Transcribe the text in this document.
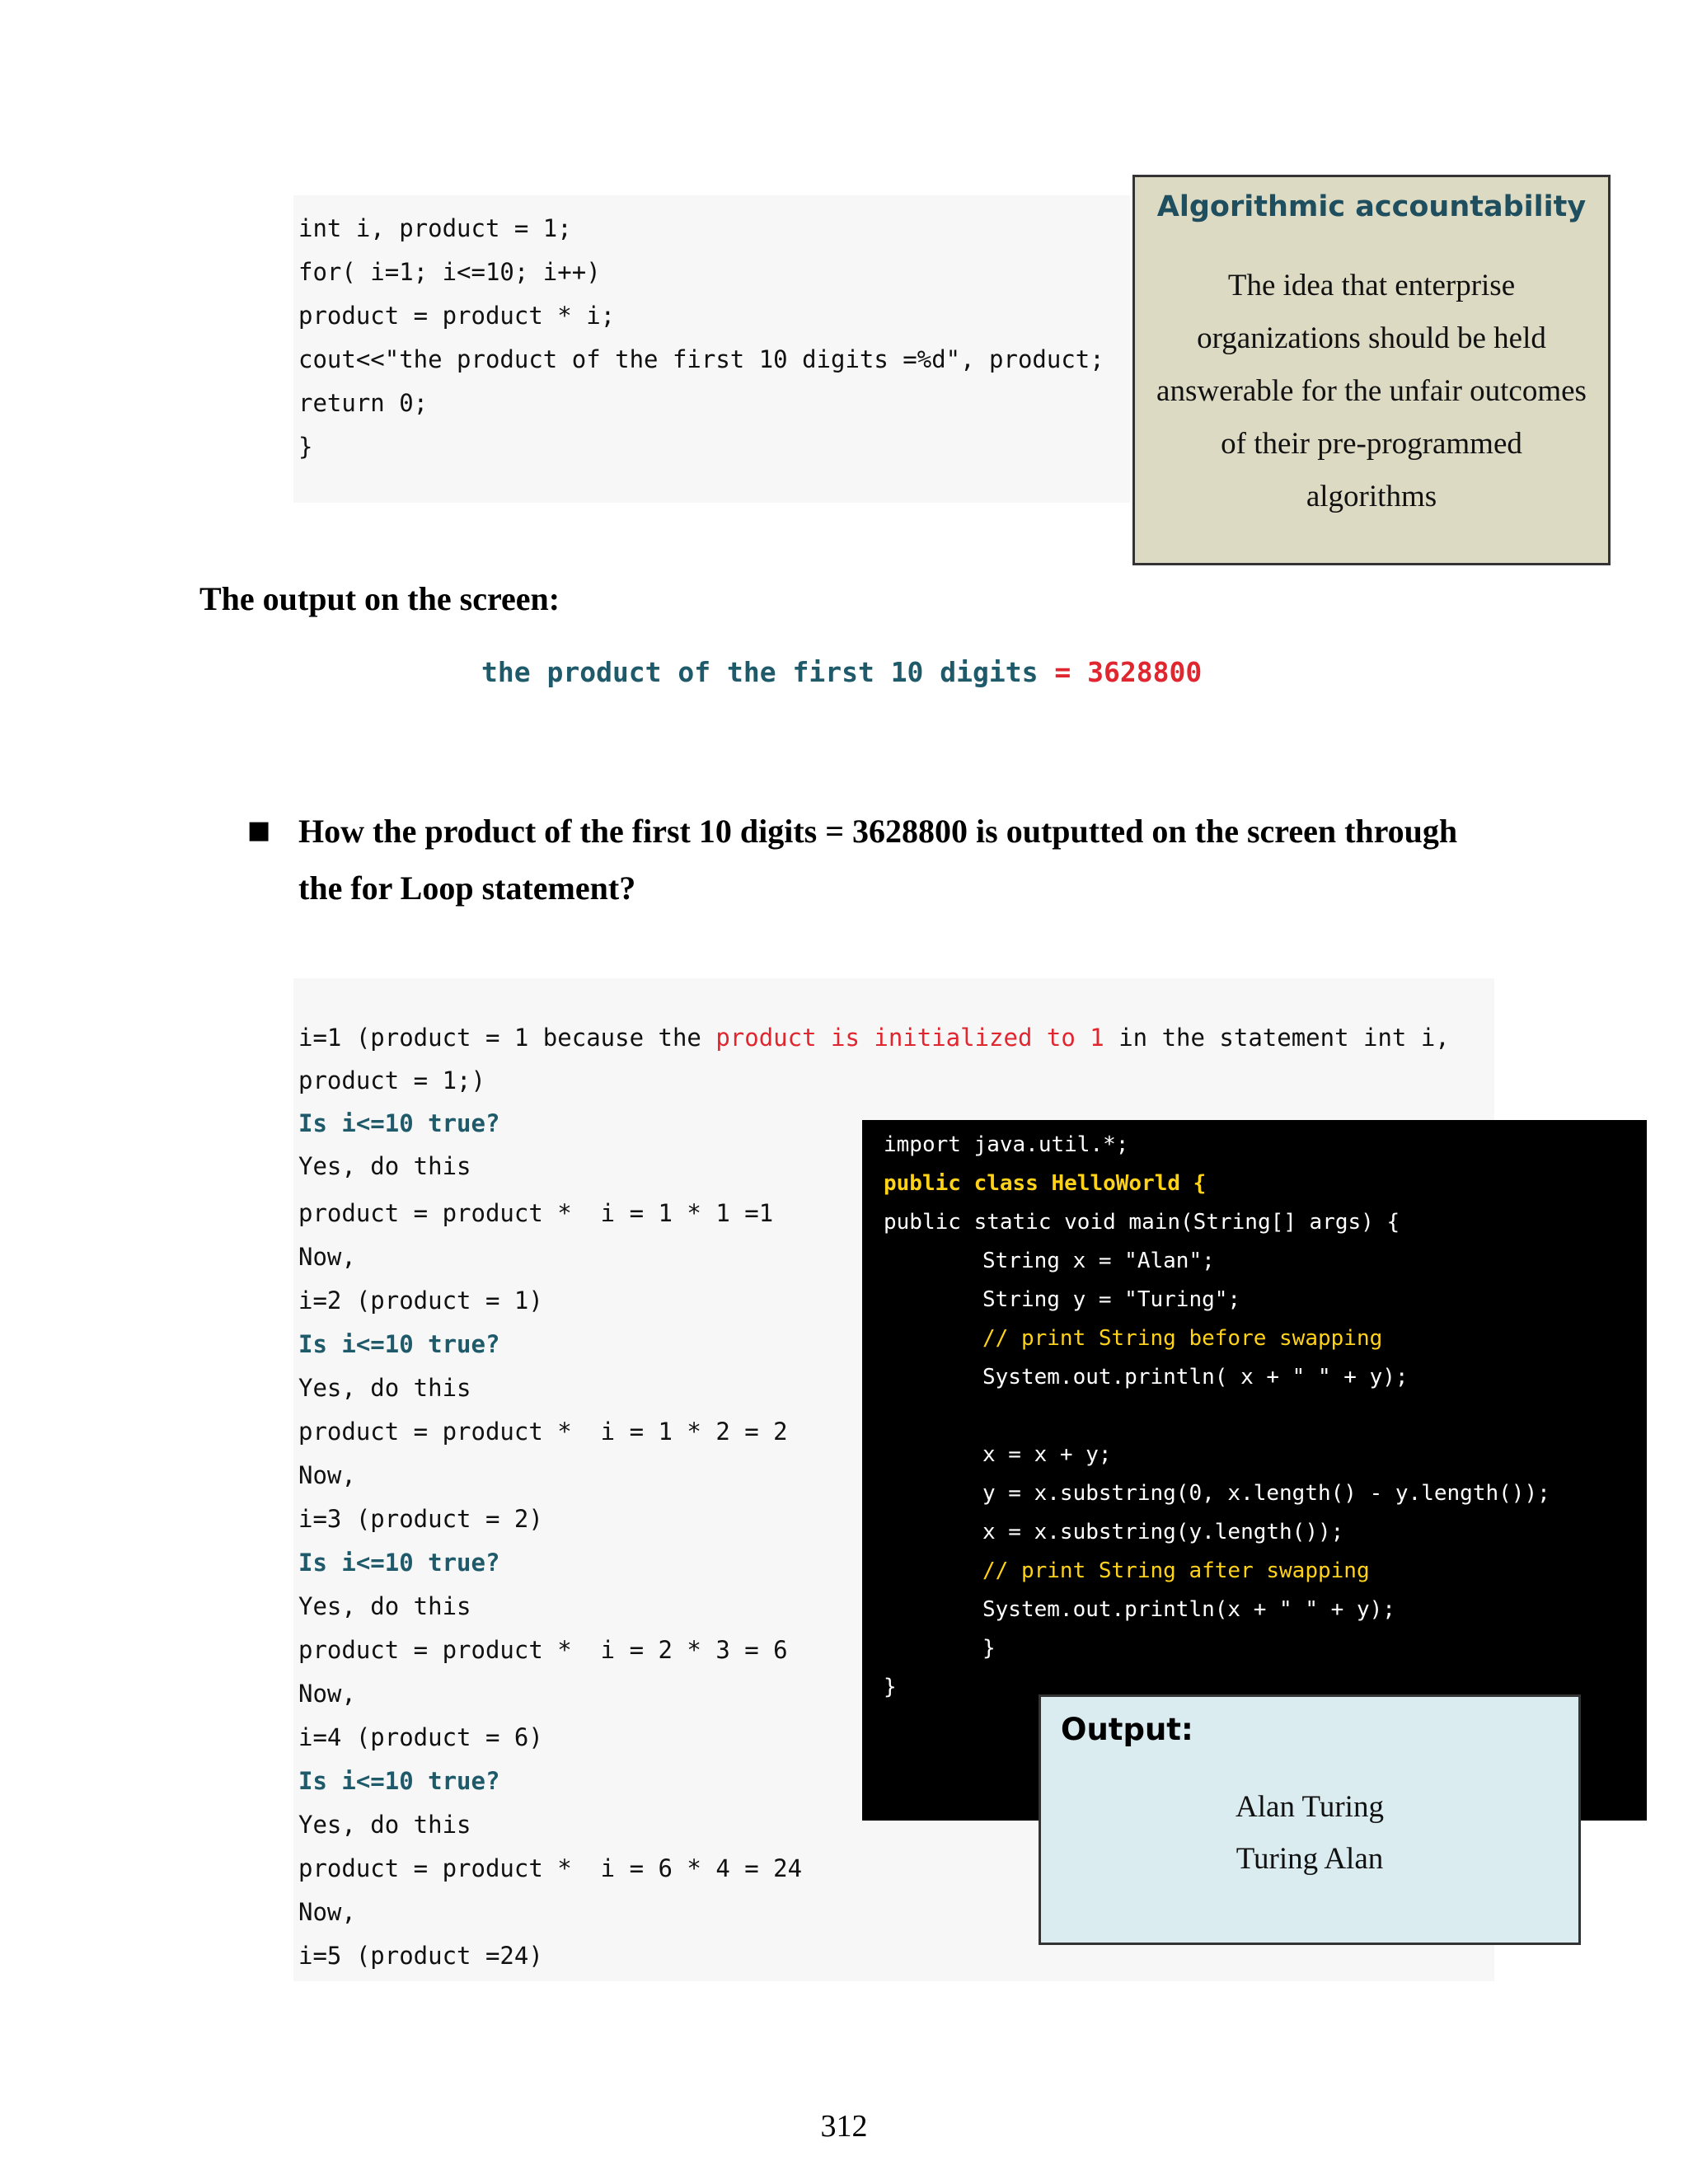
int i, product = 1;
for( i=1; i<=10; i++)
product = product * i;
cout<<"the product of the first 10 digits =%d", product;
return 0;
}
Algorithmic accountability
The idea that enterprise
organizations should be held
answerable for the unfair outcomes
of their pre-programmed
algorithms
The output on the screen:
the product of the first 10 digits = 3628800
■ How the product of the first 10 digits = 3628800 is outputted on the screen through the for Loop statement?
i=1 (product = 1 because the product is initialized to 1 in the statement int i,
product = 1;)
Is i<=10 true?
Yes, do this
product = product *  i = 1 * 1 =1
Now,
i=2 (product = 1)
Is i<=10 true?
Yes, do this
product = product *  i = 1 * 2 = 2
Now,
i=3 (product = 2)
Is i<=10 true?
Yes, do this
product = product *  i = 2 * 3 = 6
Now,
i=4 (product = 6)
Is i<=10 true?
Yes, do this
product = product *  i = 6 * 4 = 24
Now,
i=5 (product =24)
import java.util.*;
public class HelloWorld {
public static void main(String[] args) {
String x = "Alan";
String y = "Turing";
// print String before swapping
System.out.println( x + " " + y);
x = x + y;
y = x.substring(0, x.length() - y.length());
x = x.substring(y.length());
// print String after swapping
System.out.println(x + " " + y);
}
}
Output:
Alan Turing
Turing Alan
312
